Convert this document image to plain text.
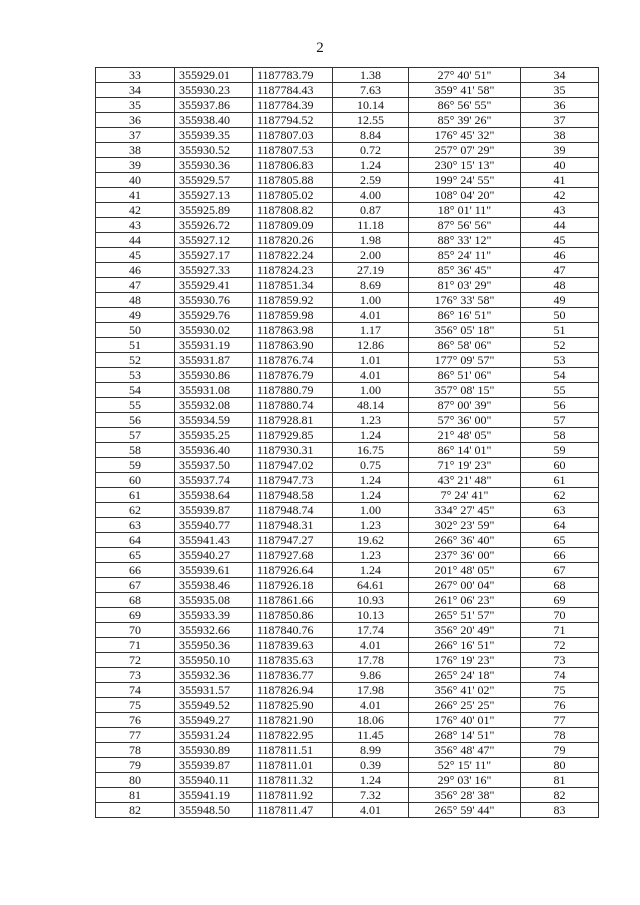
2
33	355929.01	1187783.79	1.38	27° 40' 51"	34
34	355930.23	1187784.43	7.63	359° 41' 58"	35
35	355937.86	1187784.39	10.14	86° 56' 55"	36
36	355938.40	1187794.52	12.55	85° 39' 26"	37
37	355939.35	1187807.03	8.84	176° 45' 32"	38
38	355930.52	1187807.53	0.72	257° 07' 29"	39
39	355930.36	1187806.83	1.24	230° 15' 13"	40
40	355929.57	1187805.88	2.59	199° 24' 55"	41
41	355927.13	1187805.02	4.00	108° 04' 20"	42
42	355925.89	1187808.82	0.87	18° 01' 11"	43
43	355926.72	1187809.09	11.18	87° 56' 56"	44
44	355927.12	1187820.26	1.98	88° 33' 12"	45
45	355927.17	1187822.24	2.00	85° 24' 11"	46
46	355927.33	1187824.23	27.19	85° 36' 45"	47
47	355929.41	1187851.34	8.69	81° 03' 29"	48
48	355930.76	1187859.92	1.00	176° 33' 58"	49
49	355929.76	1187859.98	4.01	86° 16' 51"	50
50	355930.02	1187863.98	1.17	356° 05' 18"	51
51	355931.19	1187863.90	12.86	86° 58' 06"	52
52	355931.87	1187876.74	1.01	177° 09' 57"	53
53	355930.86	1187876.79	4.01	86° 51' 06"	54
54	355931.08	1187880.79	1.00	357° 08' 15"	55
55	355932.08	1187880.74	48.14	87° 00' 39"	56
56	355934.59	1187928.81	1.23	57° 36' 00"	57
57	355935.25	1187929.85	1.24	21° 48' 05"	58
58	355936.40	1187930.31	16.75	86° 14' 01"	59
59	355937.50	1187947.02	0.75	71° 19' 23"	60
60	355937.74	1187947.73	1.24	43° 21' 48"	61
61	355938.64	1187948.58	1.24	7° 24' 41"	62
62	355939.87	1187948.74	1.00	334° 27' 45"	63
63	355940.77	1187948.31	1.23	302° 23' 59"	64
64	355941.43	1187947.27	19.62	266° 36' 40"	65
65	355940.27	1187927.68	1.23	237° 36' 00"	66
66	355939.61	1187926.64	1.24	201° 48' 05"	67
67	355938.46	1187926.18	64.61	267° 00' 04"	68
68	355935.08	1187861.66	10.93	261° 06' 23"	69
69	355933.39	1187850.86	10.13	265° 51' 57"	70
70	355932.66	1187840.76	17.74	356° 20' 49"	71
71	355950.36	1187839.63	4.01	266° 16' 51"	72
72	355950.10	1187835.63	17.78	176° 19' 23"	73
73	355932.36	1187836.77	9.86	265° 24' 18"	74
74	355931.57	1187826.94	17.98	356° 41' 02"	75
75	355949.52	1187825.90	4.01	266° 25' 25"	76
76	355949.27	1187821.90	18.06	176° 40' 01"	77
77	355931.24	1187822.95	11.45	268° 14' 51"	78
78	355930.89	1187811.51	8.99	356° 48' 47"	79
79	355939.87	1187811.01	0.39	52° 15' 11"	80
80	355940.11	1187811.32	1.24	29° 03' 16"	81
81	355941.19	1187811.92	7.32	356° 28' 38"	82
82	355948.50	1187811.47	4.01	265° 59' 44"	83
